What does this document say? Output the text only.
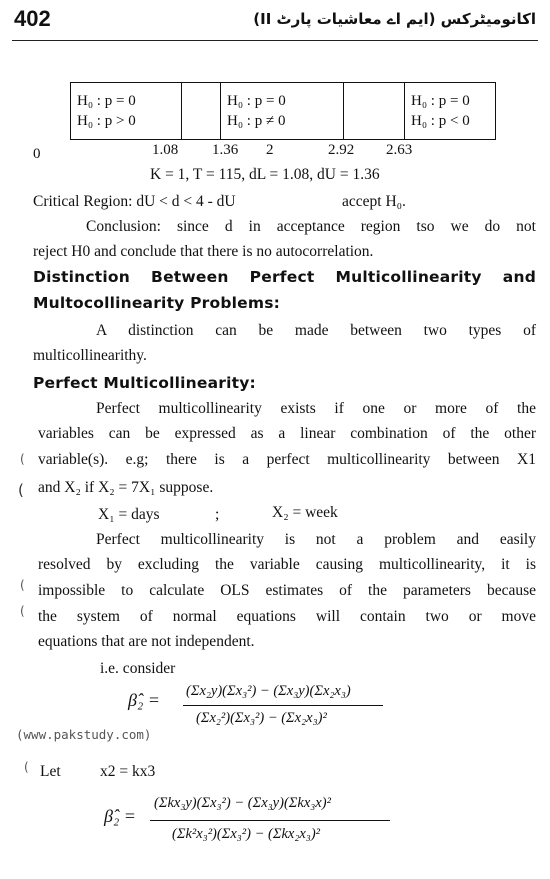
402	اکانومیٹرکس (ایم اے معاشیات پارٹ II)
H₀ : p = 0
H₀ : p > 0

H₀ : p = 0
H₀ : p ≠ 0

H₀ : p = 0
H₀ : p < 0
0	1.08 1.36 2	2.92 2.63
K = 1, T = 115, dL = 1.08, dU = 1.36
Critical Region: dU < d < 4 - dU	accept H₀.
Conclusion: since d in acceptance region tso we do not
reject H0 and conclude that there is no autocorrelation.
Distinction Between Perfect Multicollinearity and
Multocollinearity Problems:
A distinction can be made between two types of
multicollinearithy.
Perfect Multicollinearity:
Perfect multicollinearity exists if one or more of the
variables can be expressed as a linear combination of the other
variable(s). e.g; there is a perfect multicollinearity between X1
and X₂ if X₂ = 7X₁ suppose.
(
(
X₁ = days	;	X₂ = week
Perfect multicollinearity is not a problem and easily
resolved by excluding the variable causing multicollinearity, it is
impossible to calculate OLS estimates of the parameters because
the system of normal equations will contain two or move
equations that are not independent.
(
(
i.e. consider
β̂₂ = (Σx₂y)(Σx₃²) − (Σx₃y)(Σx₂x₃)
(Σx₂²)(Σx₃²) − (Σx₂x₃)²
(www.pakstudy.com)
Let	x2 = kx3
(
β̂₂ =
(Σkx₃y)(Σx₃²) − (Σx₃y)(Σkx₃x)²
(Σk²x₃²)(Σx₃²) − (Σkx₂x₃)²
